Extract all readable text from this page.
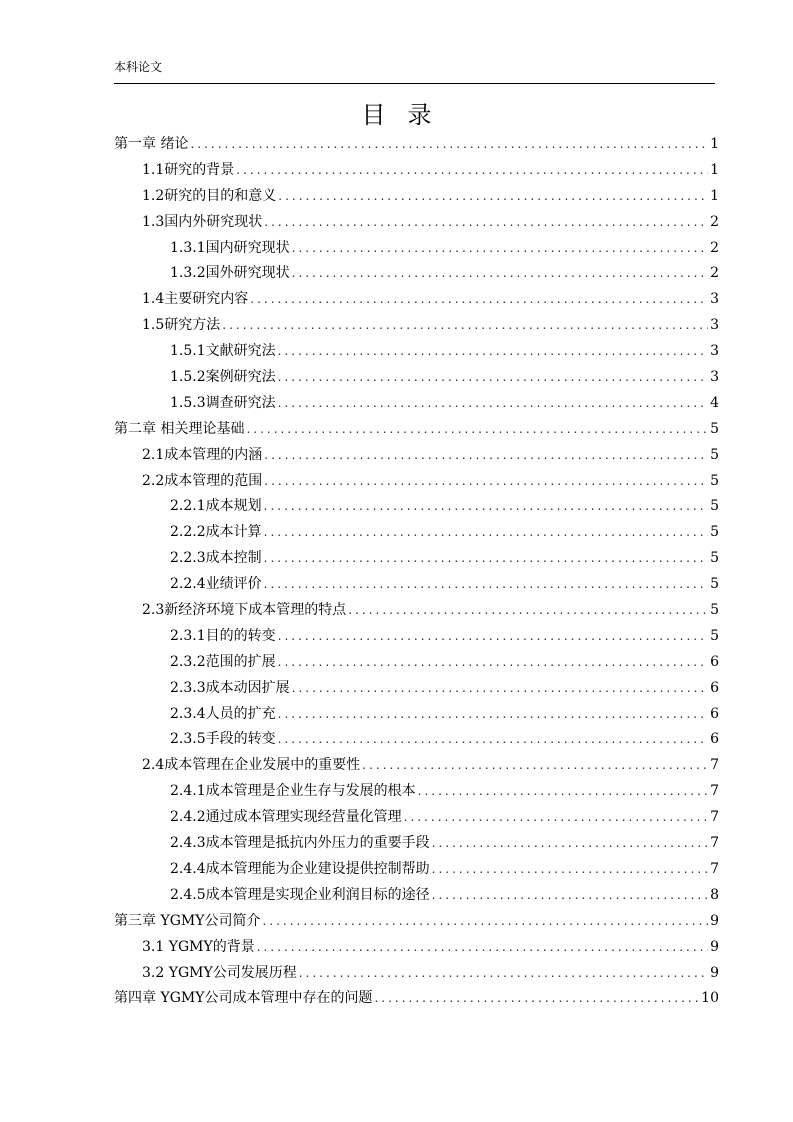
本科论文
目录
第一章 绪论 .....	1
1.1研究的背景 .....	1
1.2研究的目的和意义 .....	1
1.3国内外研究现状 .....	2
1.3.1国内研究现状 .....	2
1.3.2国外研究现状 .....	2
1.4主要研究内容 .....	3
1.5研究方法 .....	3
1.5.1文献研究法 .....	3
1.5.2案例研究法 .....	3
1.5.3调查研究法 .....	4
第二章 相关理论基础 .....	5
2.1成本管理的内涵 .....	5
2.2成本管理的范围 .....	5
2.2.1成本规划 .....	5
2.2.2成本计算 .....	5
2.2.3成本控制 .....	5
2.2.4业绩评价 .....	5
2.3新经济环境下成本管理的特点 .....	5
2.3.1目的的转变 .....	5
2.3.2范围的扩展 .....	6
2.3.3成本动因扩展 .....	6
2.3.4人员的扩充 .....	6
2.3.5手段的转变 .....	6
2.4成本管理在企业发展中的重要性 .....	7
2.4.1成本管理是企业生存与发展的根本 .....	7
2.4.2通过成本管理实现经营量化管理 .....	7
2.4.3成本管理是抵抗内外压力的重要手段 .....	7
2.4.4成本管理能为企业建设提供控制帮助 .....	7
2.4.5成本管理是实现企业利润目标的途径 .....	8
第三章 YGMY公司简介 .....	9
3.1 YGMY的背景 .....	9
3.2 YGMY公司发展历程 .....	9
第四章 YGMY公司成本管理中存在的问题 .....	10
